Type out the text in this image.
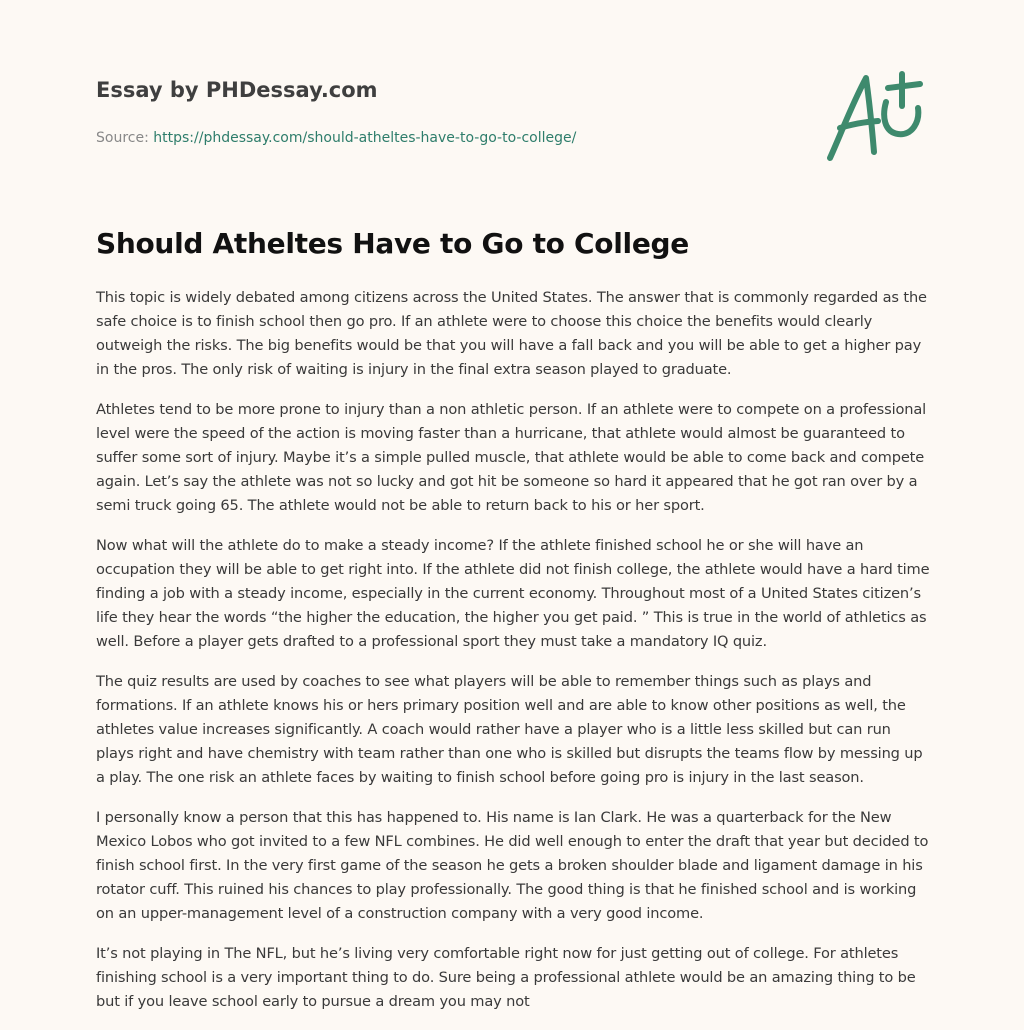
Essay by PHDessay.com
Source: https://phdessay.com/should-atheltes-have-to-go-to-college/
Should Atheltes Have to Go to College

This topic is widely debated among citizens across the United States. The answer that is commonly regarded as the safe choice is to finish school then go pro. If an athlete were to choose this choice the benefits would clearly outweigh the risks. The big benefits would be that you will have a fall back and you will be able to get a higher pay in the pros. The only risk of waiting is injury in the final extra season played to graduate.

Athletes tend to be more prone to injury than a non athletic person. If an athlete were to compete on a professional level were the speed of the action is moving faster than a hurricane, that athlete would almost be guaranteed to suffer some sort of injury. Maybe it’s a simple pulled muscle, that athlete would be able to come back and compete again. Let’s say the athlete was not so lucky and got hit be someone so hard it appeared that he got ran over by a semi truck going 65. The athlete would not be able to return back to his or her sport.

Now what will the athlete do to make a steady income? If the athlete finished school he or she will have an occupation they will be able to get right into. If the athlete did not finish college, the athlete would have a hard time finding a job with a steady income, especially in the current economy. Throughout most of a United States citizen’s life they hear the words “the higher the education, the higher you get paid. ” This is true in the world of athletics as well. Before a player gets drafted to a professional sport they must take a mandatory IQ quiz.

The quiz results are used by coaches to see what players will be able to remember things such as plays and formations. If an athlete knows his or hers primary position well and are able to know other positions as well, the athletes value increases significantly. A coach would rather have a player who is a little less skilled but can run plays right and have chemistry with team rather than one who is skilled but disrupts the teams flow by messing up a play. The one risk an athlete faces by waiting to finish school before going pro is injury in the last season.

I personally know a person that this has happened to. His name is Ian Clark. He was a quarterback for the New Mexico Lobos who got invited to a few NFL combines. He did well enough to enter the draft that year but decided to finish school first. In the very first game of the season he gets a broken shoulder blade and ligament damage in his rotator cuff. This ruined his chances to play professionally. The good thing is that he finished school and is working on an upper-management level of a construction company with a very good income.

It’s not playing in The NFL, but he’s living very comfortable right now for just getting out of college. For athletes finishing school is a very important thing to do. Sure being a professional athlete would be an amazing thing to be but if you leave school early to pursue a dream you may not
